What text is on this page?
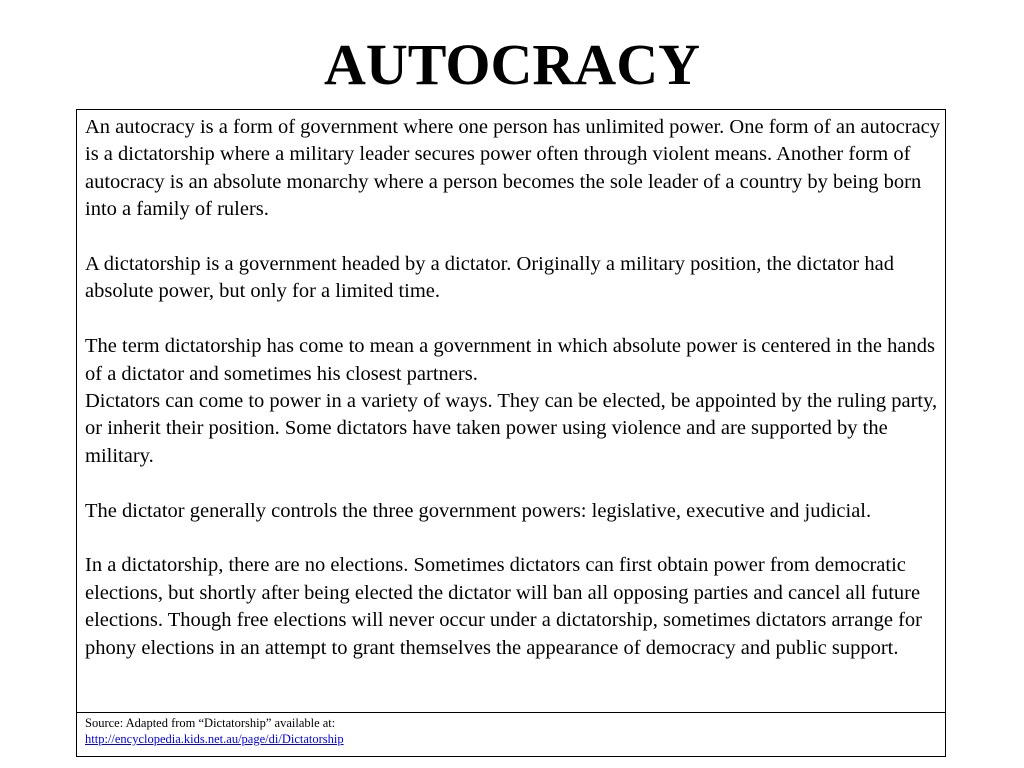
AUTOCRACY

An autocracy is a form of government where one person has unlimited power. One form of an autocracy is a dictatorship where a military leader secures power often through violent means. Another form of autocracy is an absolute monarchy where a person becomes the sole leader of a country by being born into a family of rulers.

A dictatorship is a government headed by a dictator. Originally a military position, the dictator had absolute power, but only for a limited time.

The term dictatorship has come to mean a government in which absolute power is centered in the hands of a dictator and sometimes his closest partners.

Dictators can come to power in a variety of ways. They can be elected, be appointed by the ruling party, or inherit their position. Some dictators have taken power using violence and are supported by the military.

The dictator generally controls the three government powers: legislative, executive and judicial.

In a dictatorship, there are no elections. Sometimes dictators can first obtain power from democratic elections, but shortly after being elected the dictator will ban all opposing parties and cancel all future elections. Though free elections will never occur under a dictatorship, sometimes dictators arrange for phony elections in an attempt to grant themselves the appearance of democracy and public support.

Source: Adapted from “Dictatorship” available at:
http://encyclopedia.kids.net.au/page/di/Dictatorship
